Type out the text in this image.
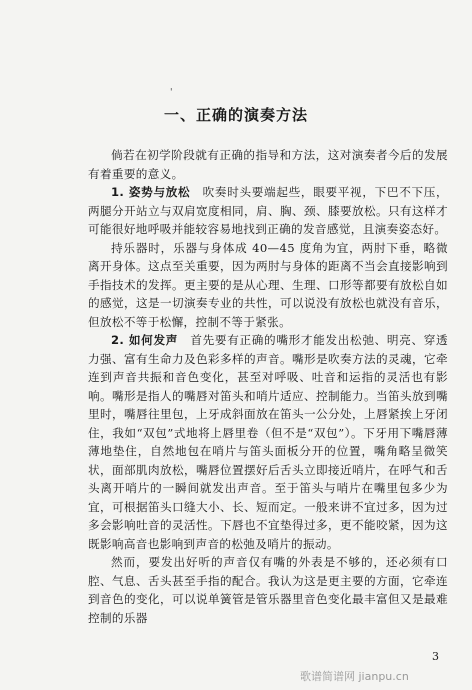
'
一、正确的演奏方法

倘若在初学阶段就有正确的指导和方法，这对演奏者今后的发展有着重要的意义。

1. 姿势与放松　 吹奏时头要端起些，眼要平视，下巴不下压，两腿分开站立与双肩宽度相同，肩、胸、颈、膝要放松。只有这样才可能很好地呼吸并能较容易地找到正确的发音感觉，且演奏姿态好。

持乐器时，乐器与身体成 40—45 度角为宜，两肘下垂，略微离开身体。这点至关重要，因为两肘与身体的距离不当会直接影响到手指技术的发挥。更主要的是从心理、生理、口形等都要有放松自如的感觉，这是一切演奏专业的共性，可以说没有放松也就没有音乐，但放松不等于松懈，控制不等于紧张。

2. 如何发声　 首先要有正确的嘴形才能发出松弛、明亮、穿透力强、富有生命力及色彩多样的声音。嘴形是吹奏方法的灵魂，它牵连到声音共振和音色变化，甚至对呼吸、吐音和运指的灵活也有影响。嘴形是指人的嘴唇对笛头和哨片适应、控制能力。当笛头放到嘴里时，嘴唇往里包，上牙成斜面放在笛头一公分处，上唇紧挨上牙闭住，我如“双包”式地将上唇里卷（但不是“双包”）。下牙用下嘴唇薄薄地垫住，自然地包在哨片与笛头面板分开的位置，嘴角略呈微笑状，面部肌肉放松，嘴唇位置摆好后舌头立即接近哨片，在呼气和舌头离开哨片的一瞬间就发出声音。至于笛头与哨片在嘴里包多少为宜，可根据笛头口缝大小、长、短而定。一般来讲不宜过多，因为过多会影响吐音的灵活性。下唇也不宜垫得过多，更不能咬紧，因为这既影响高音也影响到声音的松弛及哨片的振动。

然而，要发出好听的声音仅有嘴的外表是不够的，还必须有口腔、气息、舌头甚至手指的配合。我认为这是更主要的方面，它牵连到音色的变化，可以说单簧管是管乐器里音色变化最丰富但又是最难控制的乐器

3
歌谱简谱网 jianpu.cn
